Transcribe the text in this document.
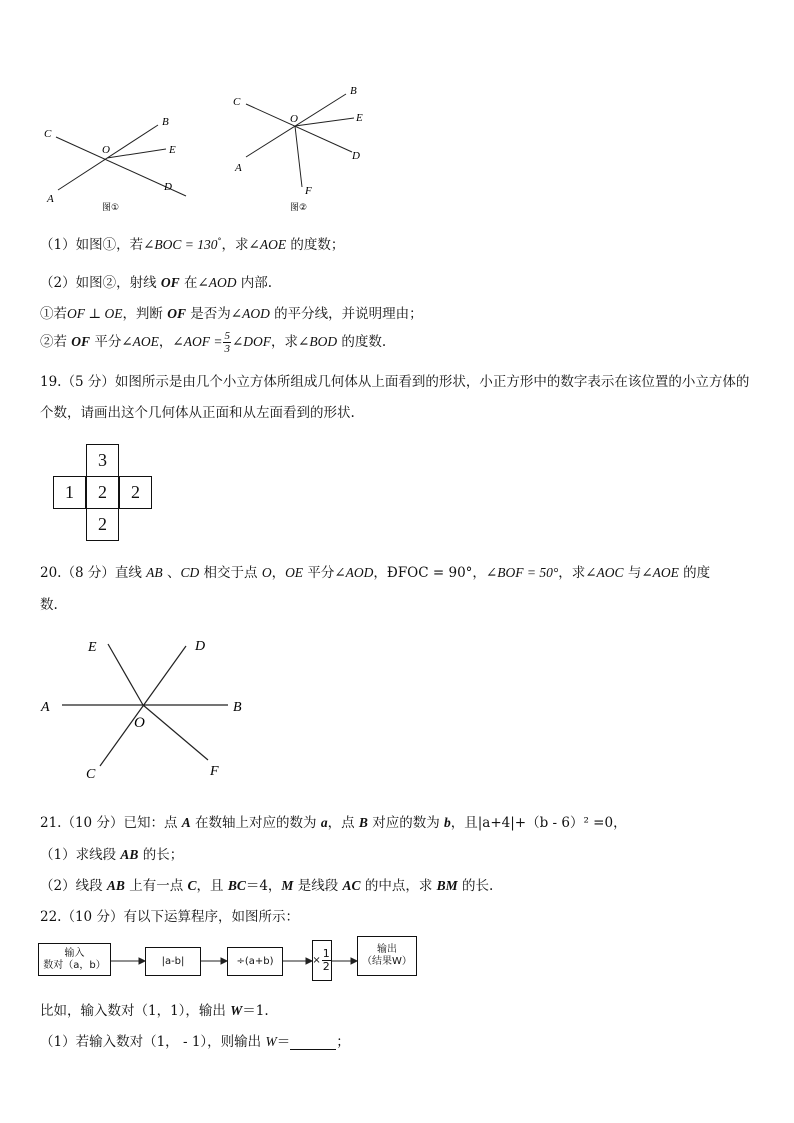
C
B
O	E
A
D
图①
C
B
O	E
A
D
F
图②
（1）如图①，若∠BOC = 130°，求∠AOE 的度数；
（2）如图②，射线 OF 在∠AOD 内部.
①若OF ⊥ OE，判断 OF 是否为∠AOD 的平分线，并说明理由；
②若 OF 平分∠AOE，∠AOF = $\frac{5}{3}$ ∠DOF，求∠BOD 的度数.
19.（5 分）如图所示是由几个小立方体所组成几何体从上面看到的形状，小正方形中的数字表示在该位置的小立方体的个数，请画出这个几何体从正面和从左面看到的形状.
3
1	2	2
2
20.（8 分）直线 AB 、CD 相交于点 O，OE 平分∠AOD，ÐFOC = 90°，∠BOF = 50°，求∠AOC 与∠AOE 的度
数.
E	D
A	B
O
C	F
21.（10 分）已知：点 A 在数轴上对应的数为 a，点 B 对应的数为 b，且|a+4|+（b - 6）² =0，
（1）求线段 AB 的长；
（2）线段 AB 上有一点 C，且 BC＝4，M 是线段 AC 的中点，求 BM 的长.
22.（10 分）有以下运算程序，如图所示：
输入
数对（a，b）	|a-b|	÷(a+b)	× $\frac{1}{2}$	输出
（结果W）
比如，输入数对（1，1），输出 W＝1.
（1）若输入数对（1， - 1），则输出 W＝	；
